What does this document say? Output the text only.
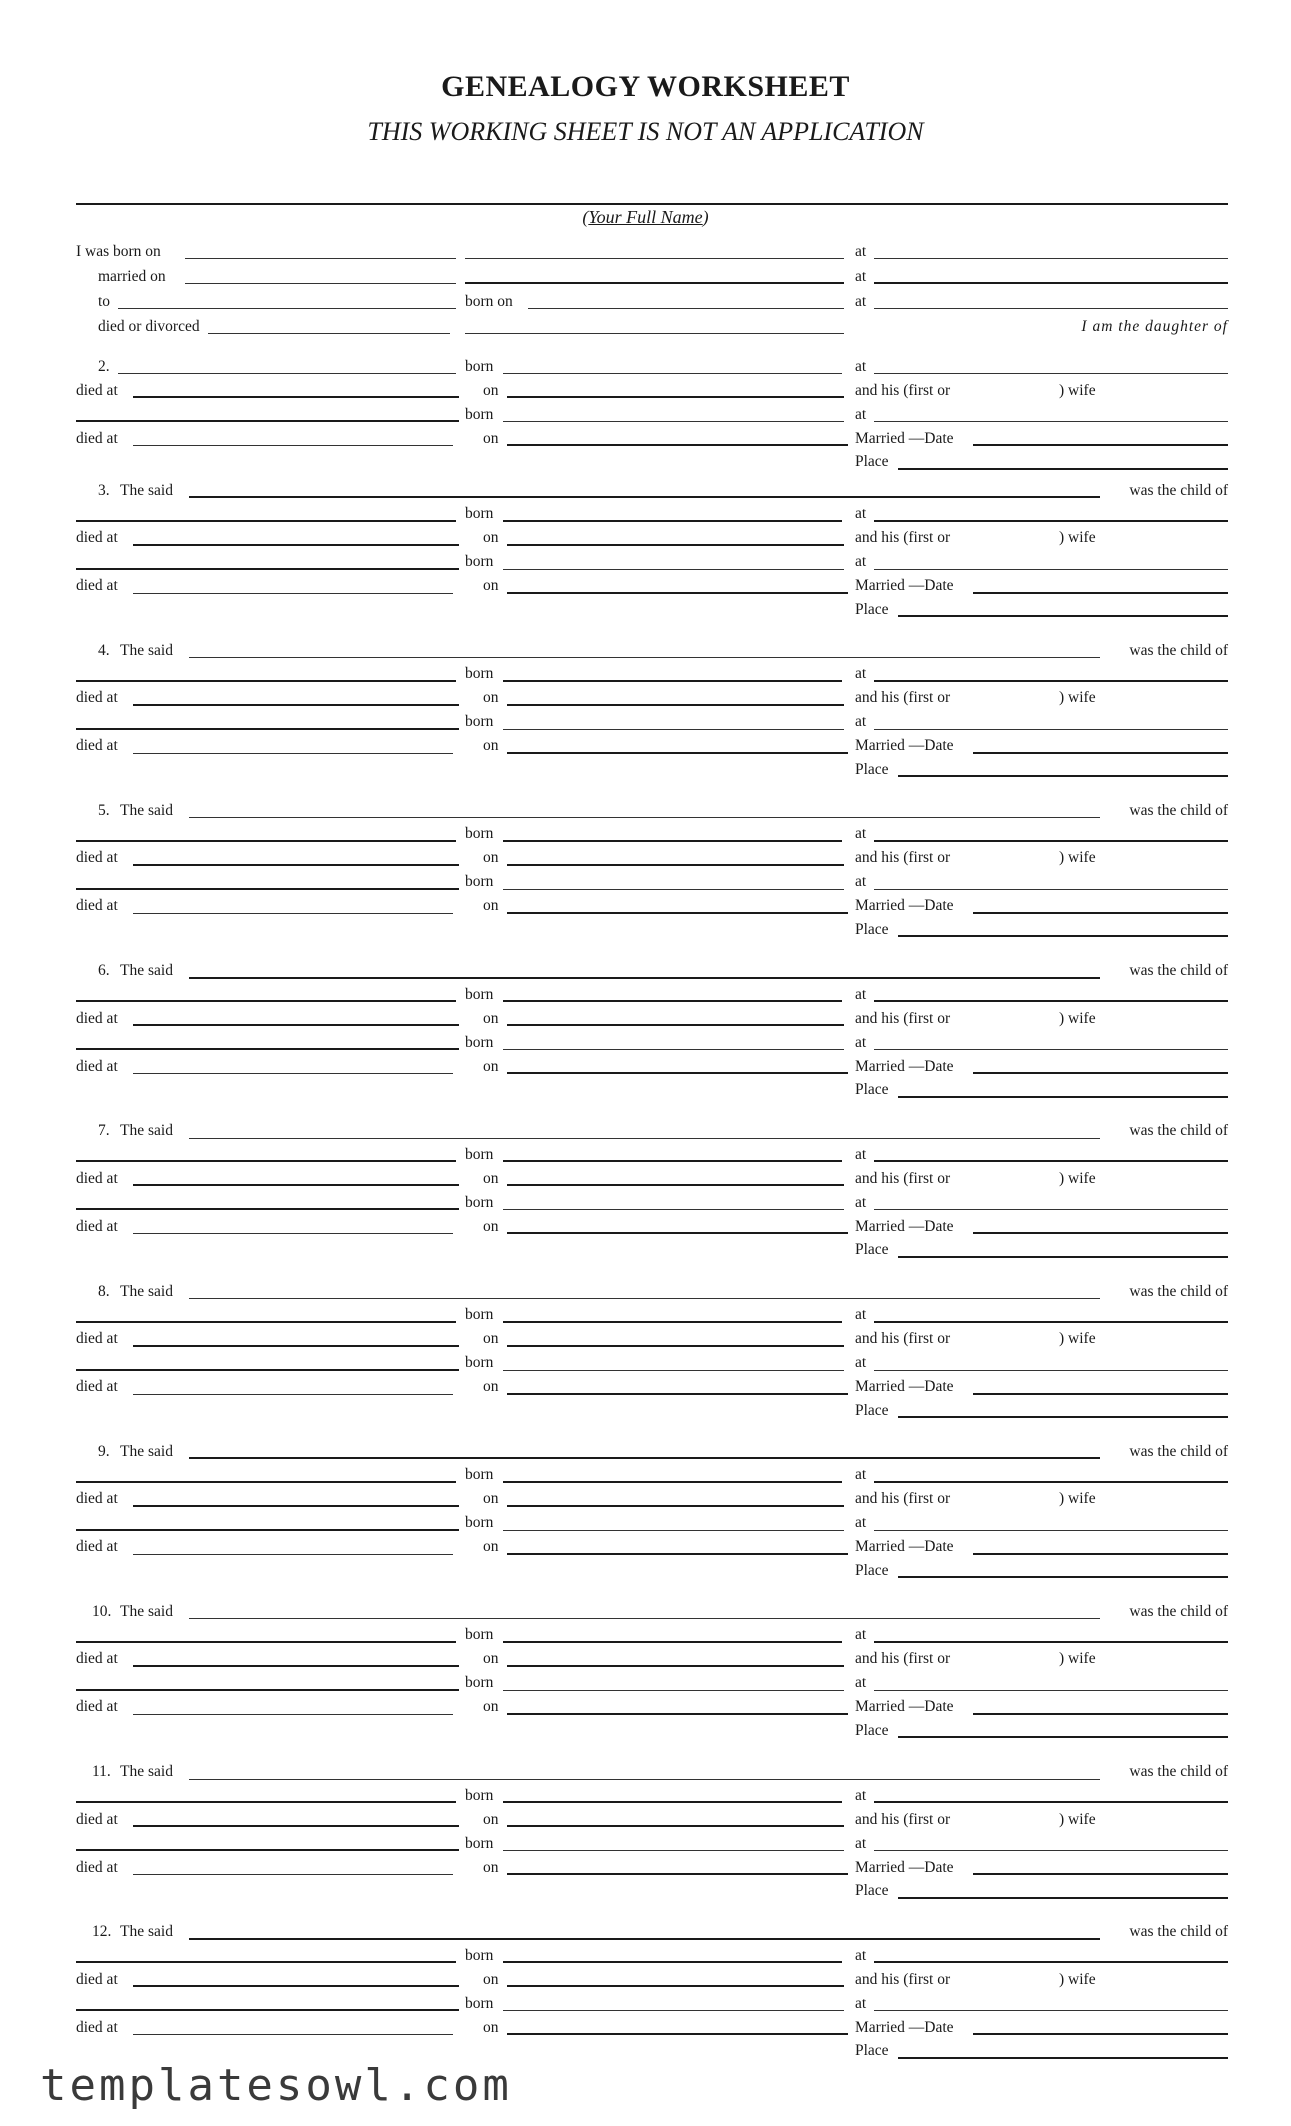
GENEALOGY WORKSHEET
THIS WORKING SHEET IS NOT AN APPLICATION
(Your Full Name)
I was born on	at
married on	at
to	born on	at
died or divorced	I am the daughter of
2.	born	at
died at	on	and his (first or	) wife
born	at
died at	on	Married —Date
Place
3. The said	was the child of
born	at
died at	on	and his (first or	) wife
born	at
died at	on	Married —Date
Place
4. The said	was the child of
born	at
died at	on	and his (first or	) wife
born	at
died at	on	Married —Date
Place
5. The said	was the child of
born	at
died at	on	and his (first or	) wife
born	at
died at	on	Married —Date
Place
6. The said	was the child of
born	at
died at	on	and his (first or	) wife
born	at
died at	on	Married —Date
Place
7. The said	was the child of
born	at
died at	on	and his (first or	) wife
born	at
died at	on	Married —Date
Place
8. The said	was the child of
born	at
died at	on	and his (first or	) wife
born	at
died at	on	Married —Date
Place
9. The said	was the child of
born	at
died at	on	and his (first or	) wife
born	at
died at	on	Married —Date
Place
10. The said	was the child of
born	at
died at	on	and his (first or	) wife
born	at
died at	on	Married —Date
Place
11. The said	was the child of
born	at
died at	on	and his (first or	) wife
born	at
died at	on	Married —Date
Place
12. The said	was the child of
born	at
died at	on	and his (first or	) wife
born	at
died at	on	Married —Date
Place
templatesowl.com
